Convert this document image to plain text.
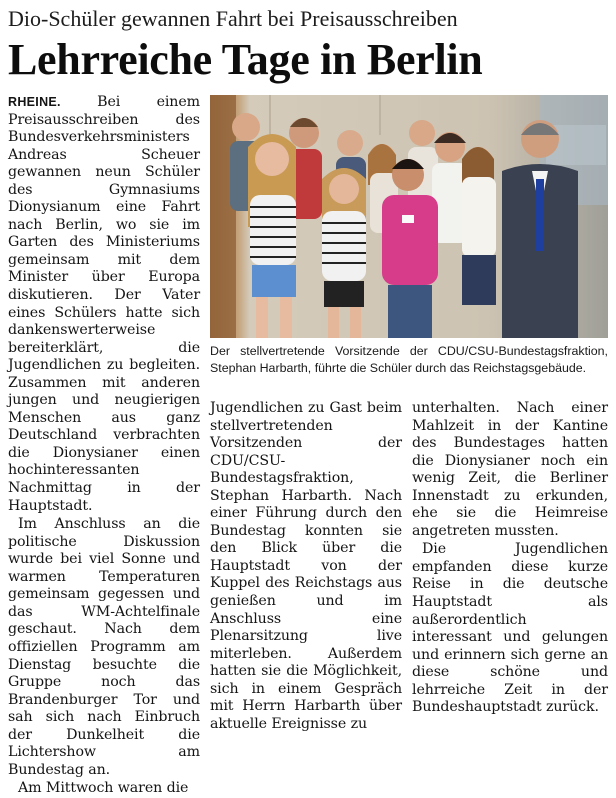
Dio-Schüler gewannen Fahrt bei Preisausschreiben
Lehrreiche Tage in Berlin

RHEINE.	Bei einem Preisausschreiben des Bundesverkehrsministers Andreas Scheuer gewannen neun Schüler des Gymnasiums Dionysianum eine Fahrt nach Berlin, wo sie im Garten des Ministeriums gemeinsam mit dem Minister über Europa diskutieren. Der Vater eines Schülers hatte sich dankenswerterweise bereiterklärt, die Jugendlichen zu begleiten. Zusammen mit anderen jungen und neugierigen Menschen aus ganz Deutschland verbrachten die Dionysianer einen hochinteressanten Nachmittag in der Hauptstadt.

Im Anschluss an die politische Diskussion wurde bei viel Sonne und warmen Temperaturen gemeinsam gegessen und das WM-Achtelfinale geschaut. Nach dem offiziellen Programm am Dienstag besuchte die Gruppe noch das Brandenburger Tor und sah sich nach Einbruch der Dunkelheit die Lichtershow am Bundestag an.

Am Mittwoch waren die

Der stellvertretende Vorsitzende der CDU/CSU-Bundestagsfraktion, Stephan Harbarth, führte die Schüler durch das Reichstagsgebäude.

Jugendlichen zu Gast beim stellvertretenden Vorsitzenden der CDU/CSU-Bundestagsfraktion, Stephan Harbarth. Nach einer Führung durch den Bundestag konnten sie den Blick über die Hauptstadt von der Kuppel des Reichstags aus genießen und im Anschluss eine Plenarsitzung live miterleben. Außerdem hatten sie die Möglichkeit, sich in einem Gespräch mit Herrn Harbarth über aktuelle Ereignisse zu

unterhalten. Nach einer Mahlzeit in der Kantine des Bundestages hatten die Dionysianer noch ein wenig Zeit, die Berliner Innenstadt zu erkunden, ehe sie die Heimreise angetreten mussten.

Die Jugendlichen empfanden diese kurze Reise in die deutsche Hauptstadt als außerordentlich interessant und gelungen und erinnern sich gerne an diese schöne und lehrreiche Zeit in der Bundeshauptstadt zurück.
